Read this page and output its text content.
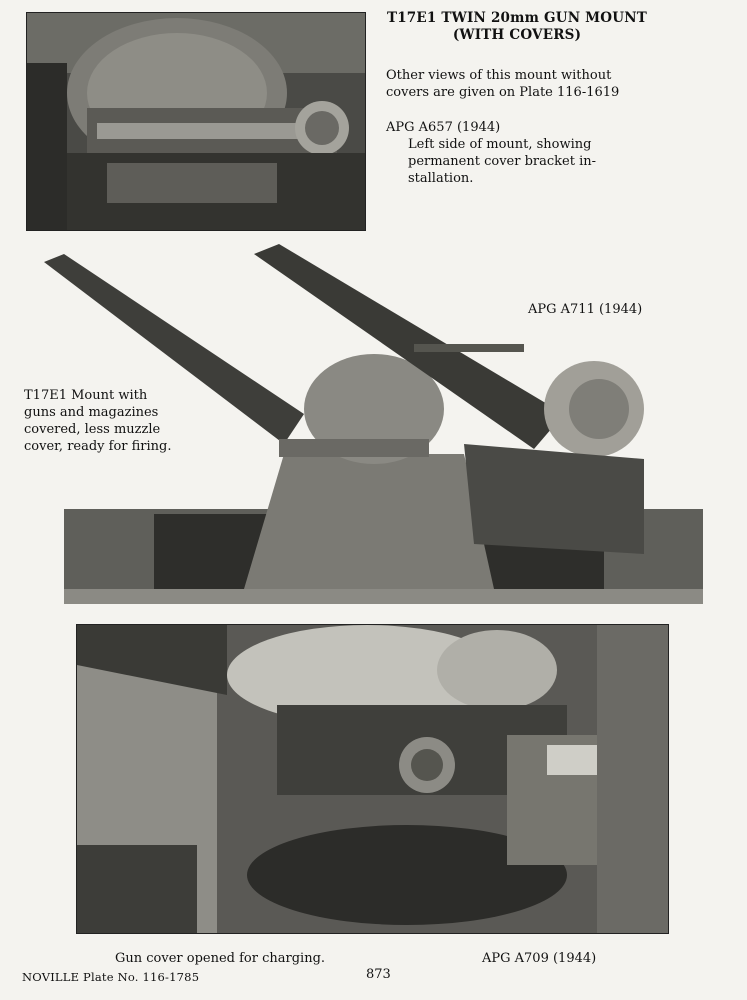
T17E1 TWIN 20mm GUN MOUNT
(WITH COVERS)
Other views of this mount without
covers are given on Plate 116-1619
APG A657 (1944)
Left side of mount, showing
permanent cover bracket in-
stallation.
APG A711 (1944)
T17E1 Mount with
guns and magazines
covered, less muzzle
cover, ready for firing.
Gun cover opened for charging.	APG A709 (1944)
NOVILLE Plate No. 116-1785	873
